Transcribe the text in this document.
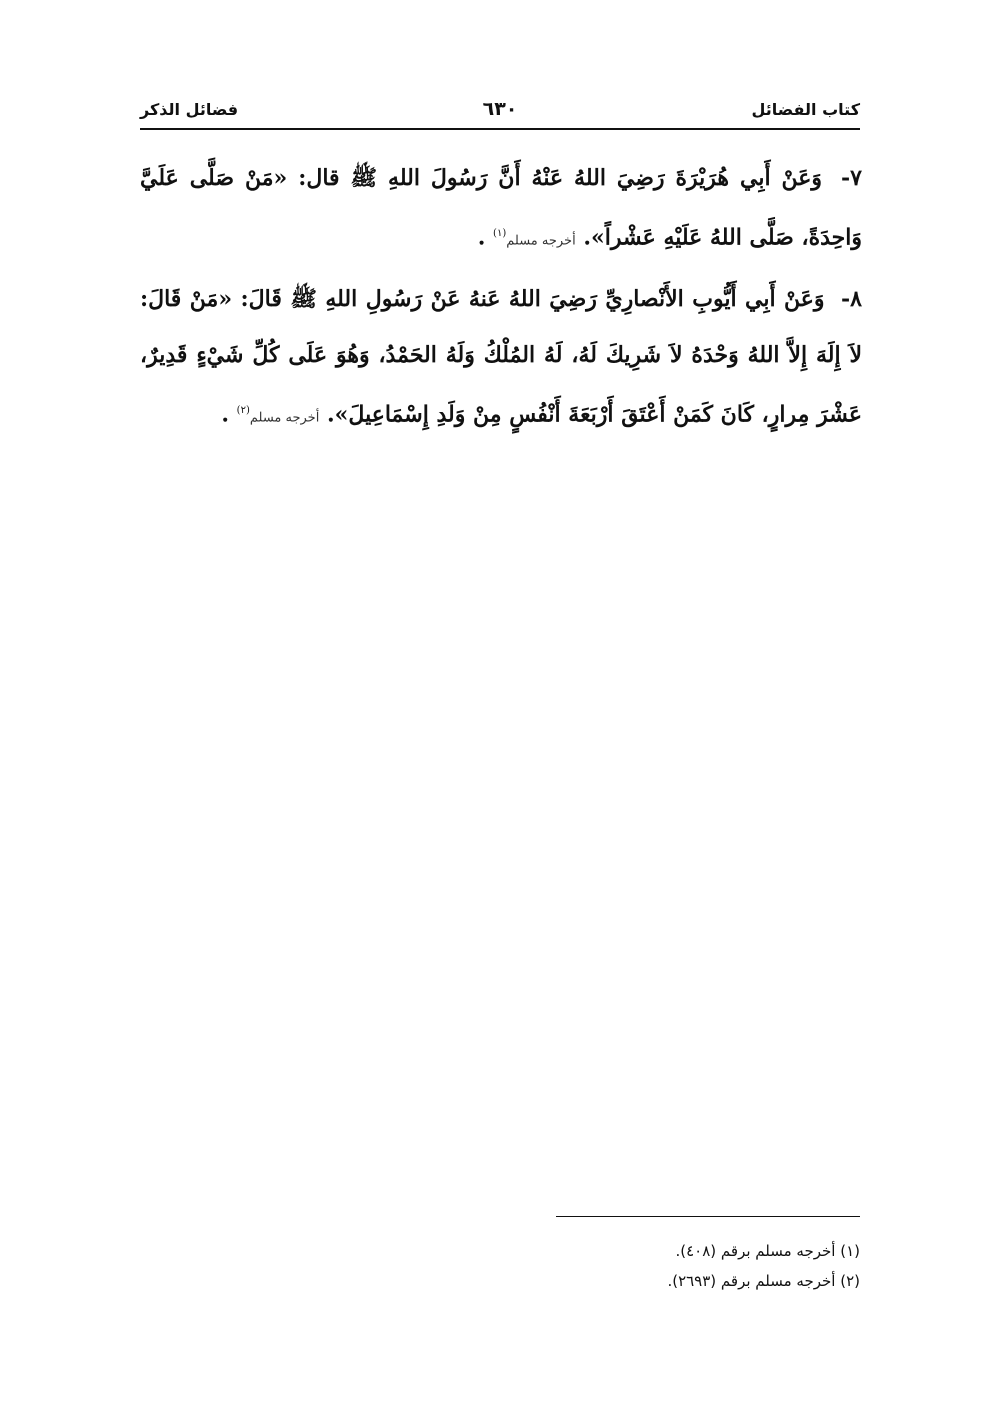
كتاب الفضائل
٦٣٠
فضائل الذكر

٧- وَعَنْ أَبِي هُرَيْرَةَ رَضِيَ اللهُ عَنْهُ أَنَّ رَسُولَ اللهِ ﷺ قال: «مَنْ صَلَّى عَلَيَّ وَاحِدَةً، صَلَّى اللهُ عَلَيْهِ عَشْراً». أخرجه مسلم$^{(١)}$ .

٨- وَعَنْ أَبِي أَيُّوبِ الأَنْصارِيِّ رَضِيَ اللهُ عَنهُ عَنْ رَسُولِ اللهِ ﷺ قَالَ: «مَنْ قَالَ: لاَ إِلَهَ إِلاَّ اللهُ وَحْدَهُ لاَ شَرِيكَ لَهُ، لَهُ المُلْكُ وَلَهُ الحَمْدُ، وَهُوَ عَلَى كُلِّ شَيْءٍ قَدِيرٌ، عَشْرَ مِرارٍ، كَانَ كَمَنْ أَعْتَقَ أَرْبَعَةَ أَنْفُسٍ مِنْ وَلَدِ إِسْمَاعِيلَ». أخرجه مسلم$^{(٢)}$ .

(١) أخرجه مسلم برقم (٤٠٨).

(٢) أخرجه مسلم برقم (٢٦٩٣).
